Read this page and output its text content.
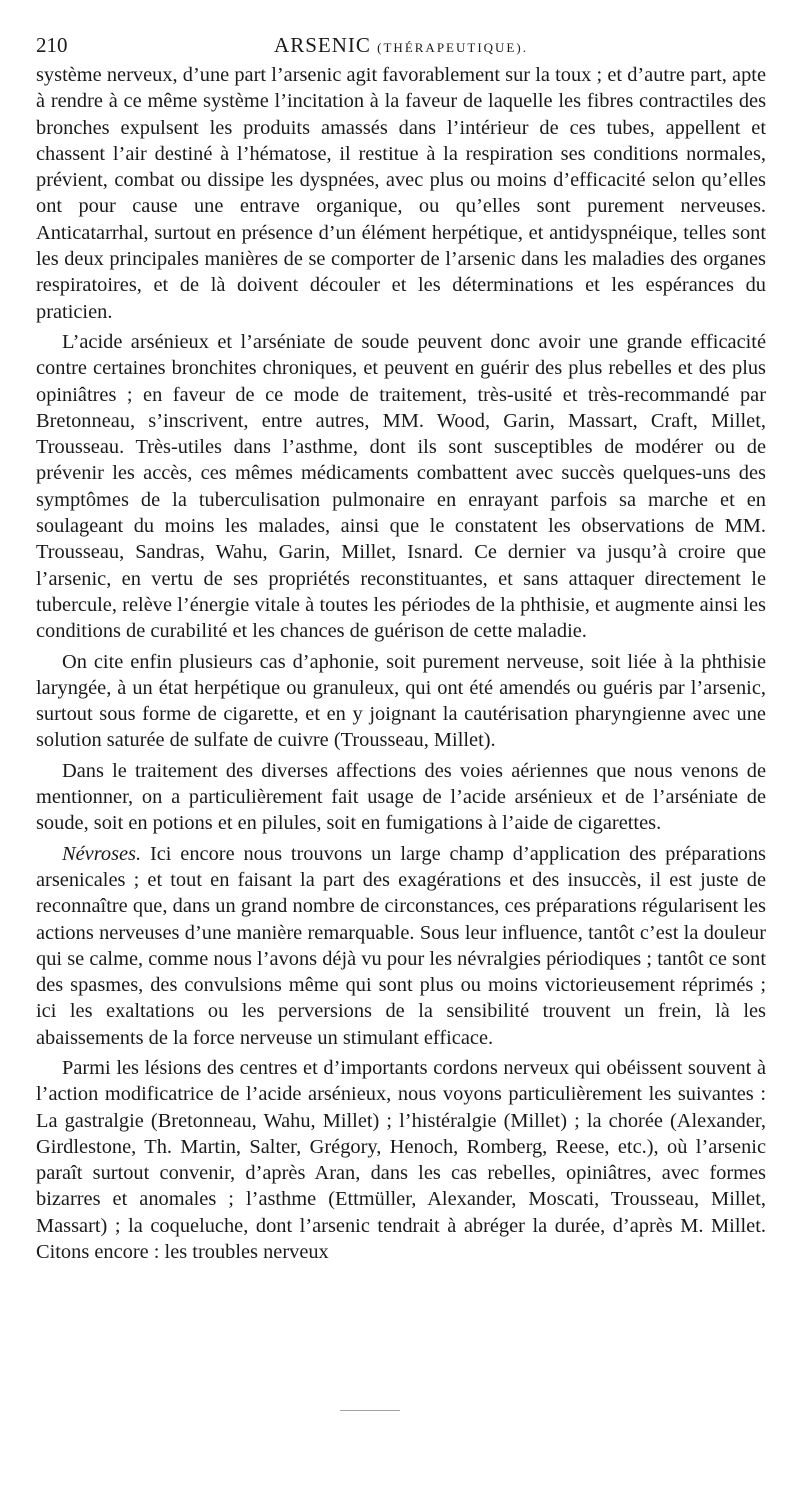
210	ARSENIC (THÉRAPEUTIQUE).

système nerveux, d’une part l’arsenic agit favorablement sur la toux ; et d’autre part, apte à rendre à ce même système l’incitation à la faveur de laquelle les fibres contractiles des bronches expulsent les produits amassés dans l’intérieur de ces tubes, appellent et chassent l’air destiné à l’hématose, il restitue à la respiration ses conditions normales, prévient, combat ou dissipe les dyspnées, avec plus ou moins d’efficacité selon qu’elles ont pour cause une entrave organique, ou qu’elles sont purement nerveuses. Anticatarrhal, surtout en présence d’un élément herpétique, et antidyspnéique, telles sont les deux principales manières de se comporter de l’arsenic dans les maladies des organes respiratoires, et de là doivent découler et les déterminations et les espérances du praticien.

L’acide arsénieux et l’arséniate de soude peuvent donc avoir une grande efficacité contre certaines bronchites chroniques, et peuvent en guérir des plus rebelles et des plus opiniâtres ; en faveur de ce mode de traitement, très-usité et très-recommandé par Bretonneau, s’inscrivent, entre autres, MM. Wood, Garin, Massart, Craft, Millet, Trousseau. Très-utiles dans l’asthme, dont ils sont susceptibles de modérer ou de prévenir les accès, ces mêmes médicaments combattent avec succès quelques-uns des symptômes de la tuberculisation pulmonaire en enrayant parfois sa marche et en soulageant du moins les malades, ainsi que le constatent les observations de MM. Trousseau, Sandras, Wahu, Garin, Millet, Isnard. Ce dernier va jusqu’à croire que l’arsenic, en vertu de ses propriétés reconstituantes, et sans attaquer directement le tubercule, relève l’énergie vitale à toutes les périodes de la phthisie, et augmente ainsi les conditions de curabilité et les chances de guérison de cette maladie.

On cite enfin plusieurs cas d’aphonie, soit purement nerveuse, soit liée à la phthisie laryngée, à un état herpétique ou granuleux, qui ont été amendés ou guéris par l’arsenic, surtout sous forme de cigarette, et en y joignant la cautérisation pharyngienne avec une solution saturée de sulfate de cuivre (Trousseau, Millet).

Dans le traitement des diverses affections des voies aériennes que nous venons de mentionner, on a particulièrement fait usage de l’acide arsénieux et de l’arséniate de soude, soit en potions et en pilules, soit en fumigations à l’aide de cigarettes.

Névroses. Ici encore nous trouvons un large champ d’application des préparations arsenicales ; et tout en faisant la part des exagérations et des insuccès, il est juste de reconnaître que, dans un grand nombre de circonstances, ces préparations régularisent les actions nerveuses d’une manière remarquable. Sous leur influence, tantôt c’est la douleur qui se calme, comme nous l’avons déjà vu pour les névralgies périodiques ; tantôt ce sont des spasmes, des convulsions même qui sont plus ou moins victorieusement réprimés ; ici les exaltations ou les perversions de la sensibilité trouvent un frein, là les abaissements de la force nerveuse un stimulant efficace.

Parmi les lésions des centres et d’importants cordons nerveux qui obéissent souvent à l’action modificatrice de l’acide arsénieux, nous voyons particulièrement les suivantes : La gastralgie (Bretonneau, Wahu, Millet) ; l’histéralgie (Millet) ; la chorée (Alexander, Girdlestone, Th. Martin, Salter, Grégory, Henoch, Romberg, Reese, etc.), où l’arsenic paraît surtout convenir, d’après Aran, dans les cas rebelles, opiniâtres, avec formes bizarres et anomales ; l’asthme (Ettmüller, Alexander, Moscati, Trousseau, Millet, Massart) ; la coqueluche, dont l’arsenic tendrait à abréger la durée, d’après M. Millet. Citons encore : les troubles nerveux
